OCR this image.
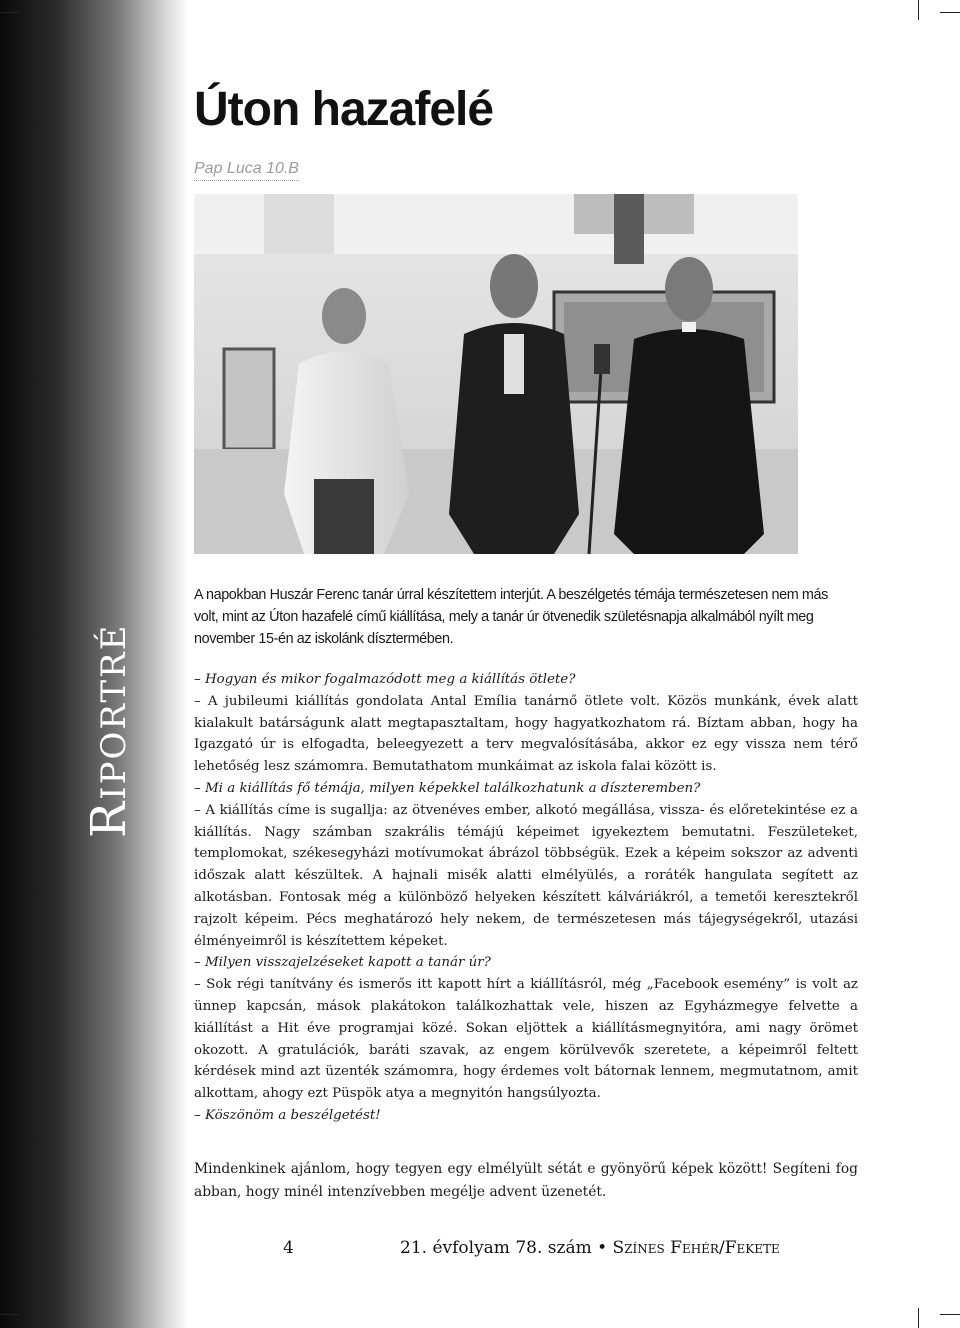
Riportré
Úton hazafelé
Pap Luca 10.B

A napokban Huszár Ferenc tanár úrral készítettem interjút. A beszélgetés témája természetesen nem más volt, mint az Úton hazafelé című kiállítása, mely a tanár úr ötvenedik születésnapja alkalmából nyílt meg november 15-én az iskolánk dísztermében.

– Hogyan és mikor fogalmazódott meg a kiállítás ötlete?

– A jubileumi kiállítás gondolata Antal Emília tanárnő ötlete volt. Közös munkánk, évek alatt kialakult batárságunk alatt megtapasztaltam, hogy hagyatkozhatom rá. Bíztam abban, hogy ha Igazgató úr is elfogadta, beleegyezett a terv megvalósításába, akkor ez egy vissza nem térő lehetőség lesz számomra. Bemutathatom munkáimat az iskola falai között is.

– Mi a kiállítás fő témája, milyen képekkel találkozhatunk a díszteremben?

– A kiállítás címe is sugallja: az ötvenéves ember, alkotó megállása, vissza- és előretekintése ez a kiállítás. Nagy számban szakrális témájú képeimet igyekeztem bemutatni. Feszületeket, templomokat, székesegyházi motívumokat ábrázol többségük. Ezek a képeim sokszor az adventi időszak alatt készültek. A hajnali misék alatti elmélyülés, a roráték hangulata segített az alkotásban. Fontosak még a különböző helyeken készített kálváriákról, a temetői keresztekről rajzolt képeim. Pécs meghatározó hely nekem, de természetesen más tájegységekről, utazási élményeimről is készítettem képeket.

– Milyen visszajelzéseket kapott a tanár úr?

– Sok régi tanítvány és ismerős itt kapott hírt a kiállításról, még „Facebook esemény” is volt az ünnep kapcsán, mások plakátokon találkozhattak vele, hiszen az Egyházmegye felvette a kiállítást a Hit éve programjai közé. Sokan eljöttek a kiállításmegnyitóra, ami nagy örömet okozott. A gratulációk, baráti szavak, az engem körülvevők szeretete, a képeimről feltett kérdések mind azt üzenték számomra, hogy érdemes volt bátornak lennem, megmutatnom, amit alkottam, ahogy ezt Püspök atya a megnyitón hangsúlyozta.

– Köszönöm a beszélgetést!

Mindenkinek ajánlom, hogy tegyen egy elmélyült sétát e gyönyörű képek között! Segíteni fog abban, hogy minél intenzívebben megélje advent üzenetét.

4	21. évfolyam 78. szám • Színes Fehér/Fekete
